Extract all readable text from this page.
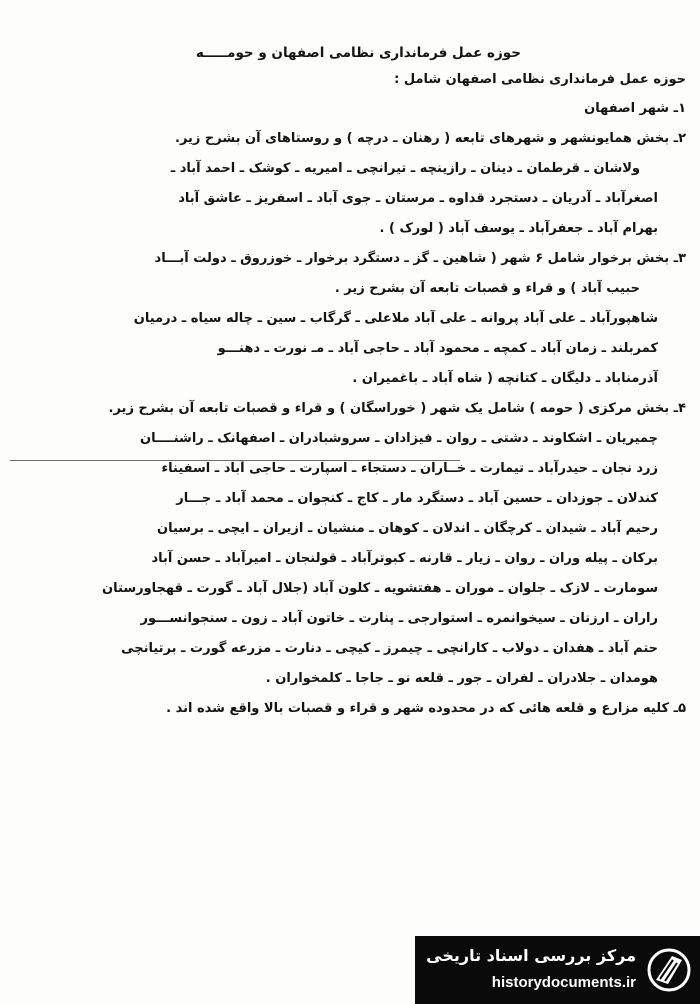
حوزه عمل فرمانداری نظامی اصفهان و حومـــــه
حوزه عمل فرمانداری نظامی اصفهان شامل :
۱ـ شهر اصفهان
۲ـ بخش همایونشهر و شهرهای تابعه ( رهنان ـ درچه ) و روستاهای آن بشرح زیر.
ولاشان ـ قرطمان ـ دینان ـ رازینچه ـ تیرانچی ـ امیریه ـ کوشک ـ احمد آباد ـ
اصغرآباد ـ آدریان ـ دستجرد قداوه ـ مرستان ـ جوی آباد ـ اسفریز ـ عاشق آباد
بهرام آباد ـ جعفرآباد ـ یوسف آباد ( لورک ) .
۳ـ بخش برخوار شامل ۶ شهر ( شاهین ـ گز ـ دستگرد برخوار ـ خوزروق ـ دولت آبـــاد
حبیب آباد ) و قراء و قصبات تابعه آن بشرح زیر .
شاهپورآباد ـ علی آباد پروانه ـ علی آباد ملاعلی ـ گرگاب ـ سین ـ چاله سیاه ـ درمیان
کمربلند ـ زمان آباد ـ کمچه ـ محمود آباد ـ حاجی آباد ـ مـ نورت ـ دهنـــو
آذرمناباد ـ دلیگان ـ کتانچه ( شاه آباد ـ باغمیران .
۴ـ بخش مرکزی ( حومه ) شامل یک شهر ( خوراسگان ) و قراء و قصبات تابعه آن بشرح زیر.
چمیریان ـ اشکاوند ـ دشتی ـ روان ـ فیزادان ـ سروشبادران ـ اصفهانک ـ راشنــــان
زرد نجان ـ حیدرآباد ـ تیمارت ـ خــاران ـ دستجاء ـ اسپارت ـ حاجی آباد ـ اسفیناء
کندلان ـ جوزدان ـ حسین آباد ـ دستگرد مار ـ کاج ـ کنجوان ـ محمد آباد ـ جـــار
رحیم آباد ـ شیدان ـ کرچگان ـ اندلان ـ کوهان ـ منشیان ـ ازیران ـ ایچی ـ برسیان
برکان ـ پیله وران ـ روان ـ زیار ـ قارنه ـ کبوترآباد ـ قولنجان ـ امیرآباد ـ حسن آباد
سومارت ـ لازک ـ جلوان ـ موران ـ هفتشویه ـ کلون آباد (جلال آباد ـ گورت ـ قهجاورستان
راران ـ ارزنان ـ سیخوانمره ـ استوارجی ـ پنارت ـ خاتون آباد ـ زون ـ سنجوانســـور
حتم آباد ـ هفدان ـ دولاب ـ کارانچی ـ چیمرز ـ کیچی ـ دنارت ـ مزرعه گورت ـ برتیانچی
هومدان ـ جلادران ـ لفران ـ جور ـ قلعه نو ـ جاجا ـ کلمخواران .
۵ـ کلیه مزارع و قلعه هائی که در محدوده شهر و قراء و قصبات بالا واقع شده اند .
مرکز بررسی اسناد تاریخی
historydocuments.ir
